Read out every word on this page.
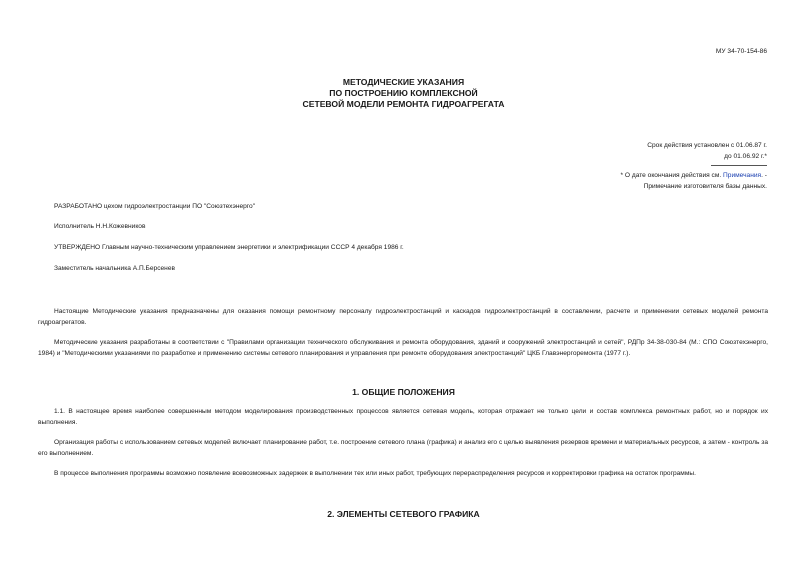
МУ 34-70-154-86
МЕТОДИЧЕСКИЕ УКАЗАНИЯ
ПО ПОСТРОЕНИЮ КОМПЛЕКСНОЙ
СЕТЕВОЙ МОДЕЛИ РЕМОНТА ГИДРОАГРЕГАТА
Срок действия установлен с 01.06.87 г.
до 01.06.92 г.*
* О дате окончания действия см. Примечания. -
Примечание изготовителя базы данных.
РАЗРАБОТАНО цехом гидроэлектростанции ПО "Союзтехэнерго"
Исполнитель Н.Н.Кожевников
УТВЕРЖДЕНО Главным научно-техническим управлением энергетики и электрификации СССР 4 декабря 1986 г.
Заместитель начальника А.П.Берсенев
Настоящие Методические указания предназначены для оказания помощи ремонтному персоналу гидроэлектростанций и каскадов гидроэлектростанций в составлении, расчете и применении сетевых моделей ремонта гидроагрегатов.
Методические указания разработаны в соответствии с "Правилами организации технического обслуживания и ремонта оборудования, зданий и сооружений электростанций и сетей", РДПр 34-38-030-84 (М.: СПО Союзтехэнерго, 1984) и "Методическими указаниями по разработке и применению системы сетевого планирования и управления при ремонте оборудования электростанций" ЦКБ Главэнергоремонта (1977 г.).
1. ОБЩИЕ ПОЛОЖЕНИЯ
1.1. В настоящее время наиболее совершенным методом моделирования производственных процессов является сетевая модель, которая отражает не только цели и состав комплекса ремонтных работ, но и порядок их выполнения.
Организация работы с использованием сетевых моделей включает планирование работ, т.е. построение сетевого плана (графика) и анализ его с целью выявления резервов времени и материальных ресурсов, а затем - контроль за его выполнением.
В процессе выполнения программы возможно появление всевозможных задержек в выполнении тех или иных работ, требующих перераспределения ресурсов и корректировки графика на остаток программы.
2. ЭЛЕМЕНТЫ СЕТЕВОГО ГРАФИКА
